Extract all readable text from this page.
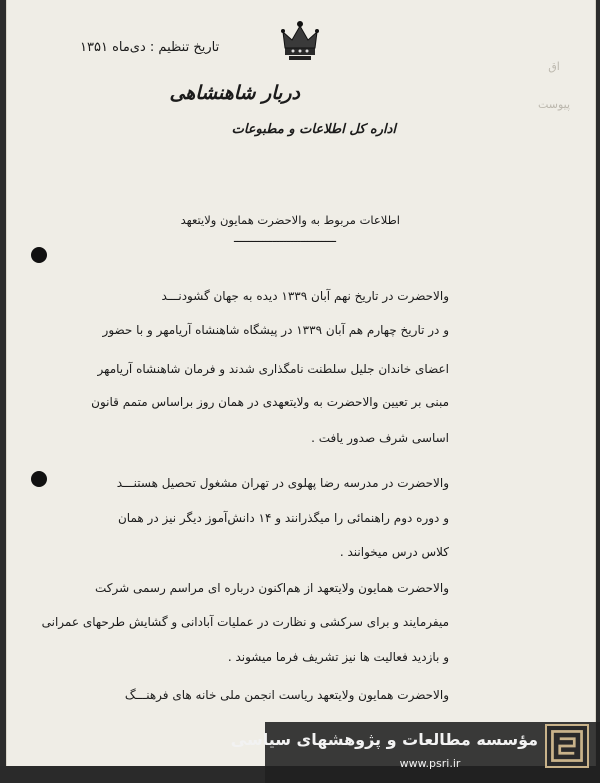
تاریخ تنظیم : دی‌ماه ۱۳۵۱
دربار شاهنشاهی
اداره کل اطلاعات و مطبوعات
اق
پیوست
اطلاعات مربوط به والاحضرت همایون ولایتعهد
ـــــــــــــــــــــــــــــ
والاحضرت در تاریخ نهم آبان ۱۳۳۹ دیده به جهان گشودنـــد
و در تاریخ چهارم هم آبان ۱۳۳۹ در پیشگاه شاهنشاه آریامهر و با حضور
اعضای خاندان جلیل سلطنت نامگذاری شدند و فرمان شاهنشاه آریامهر
مبنی بر تعیین والاحضرت به ولایتعهدی در همان روز براساس متمم قانون
اساسی شرف صدور یافت .
والاحضرت در مدرسه رضا پهلوی در تهران مشغول تحصیل هستنـــد
و دوره دوم راهنمائی را میگذرانند و ۱۴ دانش‌آموز دیگر نیز در همان
کلاس درس میخوانند .
والاحضرت همایون ولایتعهد از هم‌اکنون درباره ای مراسم رسمی شرکت
میفرمایند و برای سرکشی و نظارت در عملیات آبادانی و گشایش طرحهای عمرانی
و بازدید فعالیت ها نیز تشریف فرما میشوند .
والاحضرت همایون ولایتعهد ریاست انجمن ملی خانه های فرهنـــگ
مؤسسه مطالعات و پژوهشهای سیاسی
www.psri.ir
